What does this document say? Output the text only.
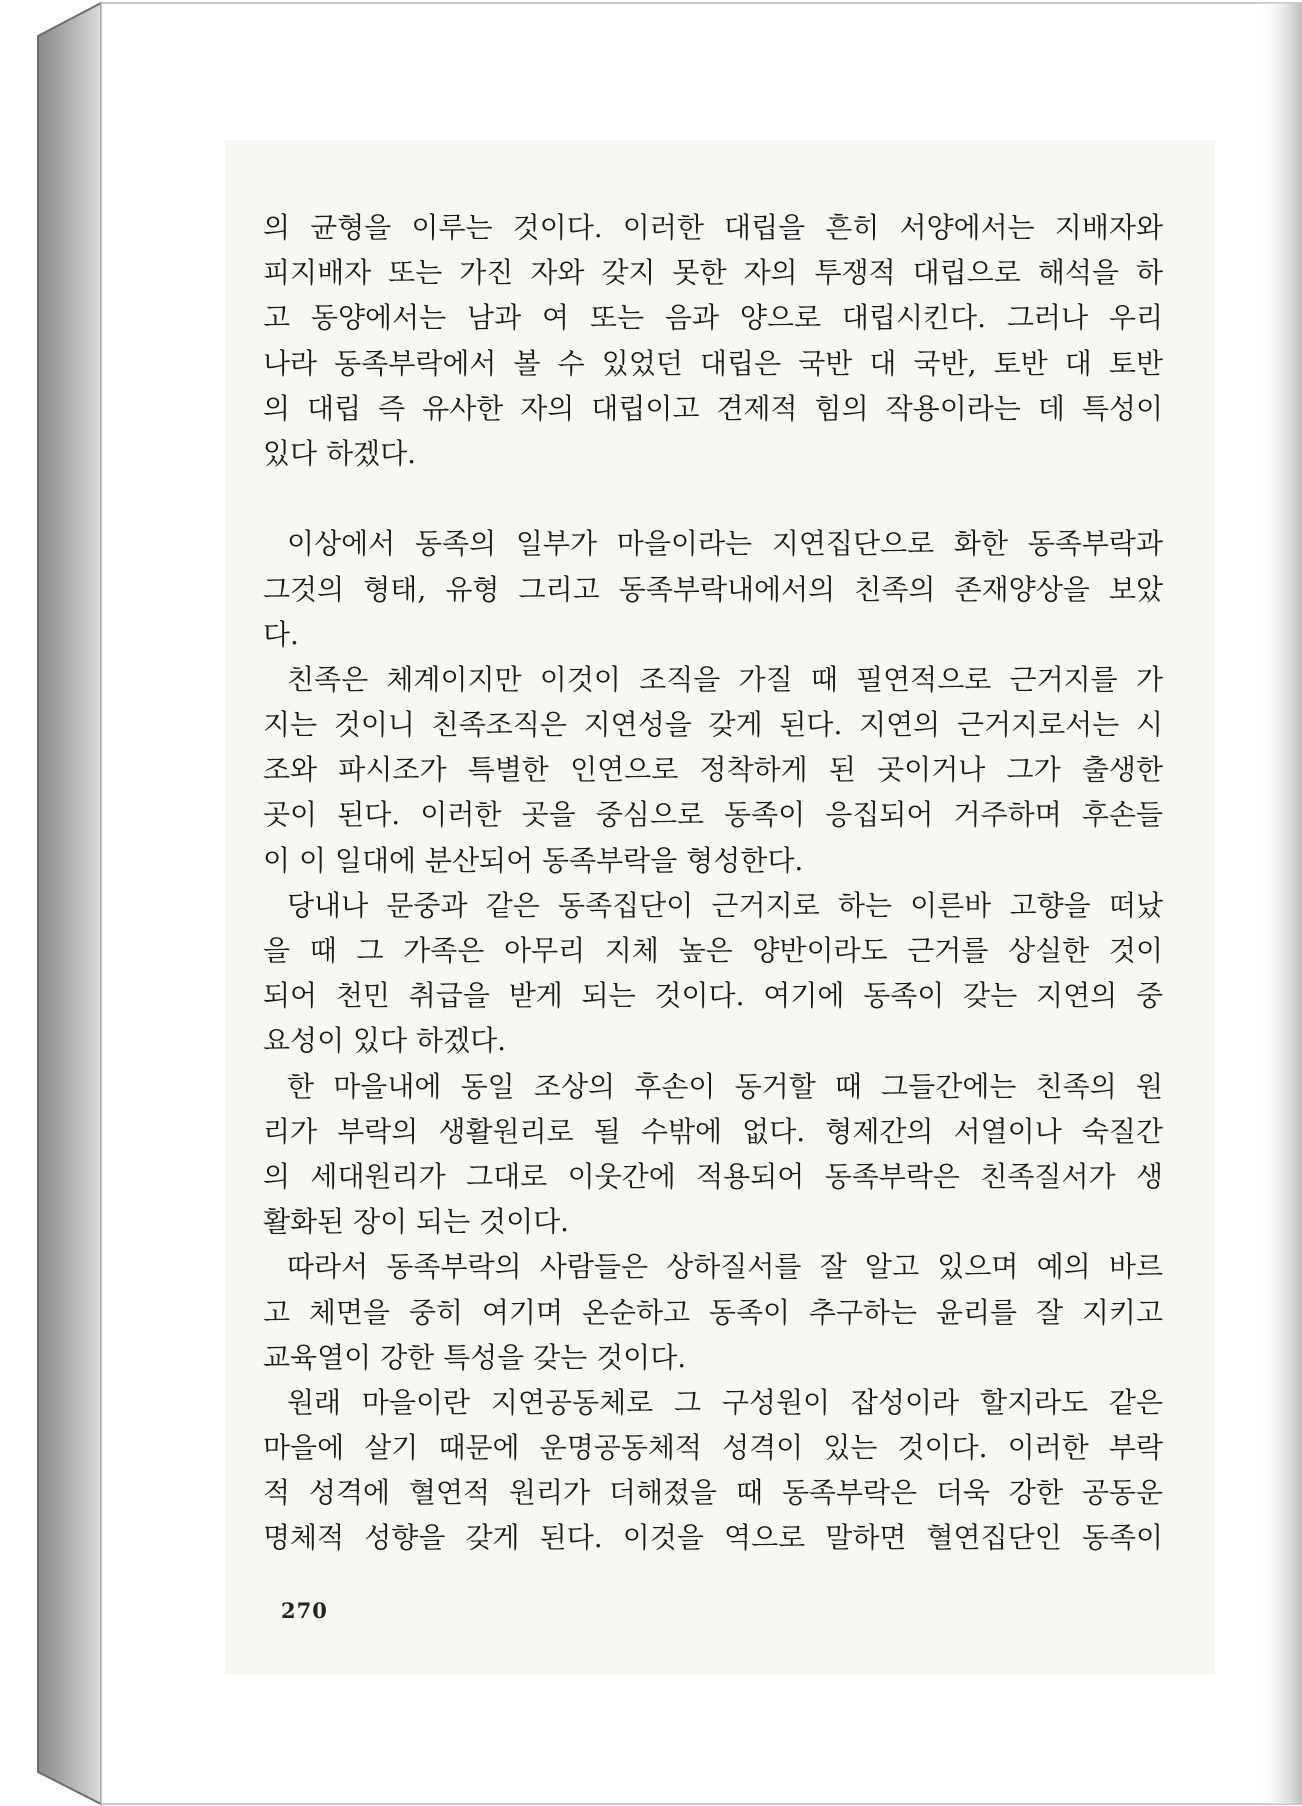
의 균형을 이루는 것이다. 이러한 대립을 흔히 서양에서는 지배자와
피지배자 또는 가진 자와 갖지 못한 자의 투쟁적 대립으로 해석을 하
고 동양에서는 남과 여 또는 음과 양으로 대립시킨다. 그러나 우리
나라 동족부락에서 볼 수 있었던 대립은 국반 대 국반, 토반 대 토반
의 대립 즉 유사한 자의 대립이고 견제적 힘의 작용이라는 데 특성이
있다 하겠다.
이상에서 동족의 일부가 마을이라는 지연집단으로 화한 동족부락과
그것의 형태, 유형 그리고 동족부락내에서의 친족의 존재양상을 보았
다.
친족은 체계이지만 이것이 조직을 가질 때 필연적으로 근거지를 가
지는 것이니 친족조직은 지연성을 갖게 된다. 지연의 근거지로서는 시
조와 파시조가 특별한 인연으로 정착하게 된 곳이거나 그가 출생한
곳이 된다. 이러한 곳을 중심으로 동족이 응집되어 거주하며 후손들
이 이 일대에 분산되어 동족부락을 형성한다.
당내나 문중과 같은 동족집단이 근거지로 하는 이른바 고향을 떠났
을 때 그 가족은 아무리 지체 높은 양반이라도 근거를 상실한 것이
되어 천민 취급을 받게 되는 것이다. 여기에 동족이 갖는 지연의 중
요성이 있다 하겠다.
한 마을내에 동일 조상의 후손이 동거할 때 그들간에는 친족의 원
리가 부락의 생활원리로 될 수밖에 없다. 형제간의 서열이나 숙질간
의 세대원리가 그대로 이웃간에 적용되어 동족부락은 친족질서가 생
활화된 장이 되는 것이다.
따라서 동족부락의 사람들은 상하질서를 잘 알고 있으며 예의 바르
고 체면을 중히 여기며 온순하고 동족이 추구하는 윤리를 잘 지키고
교육열이 강한 특성을 갖는 것이다.
원래 마을이란 지연공동체로 그 구성원이 잡성이라 할지라도 같은
마을에 살기 때문에 운명공동체적 성격이 있는 것이다. 이러한 부락
적 성격에 혈연적 원리가 더해졌을 때 동족부락은 더욱 강한 공동운
명체적 성향을 갖게 된다. 이것을 역으로 말하면 혈연집단인 동족이
270
